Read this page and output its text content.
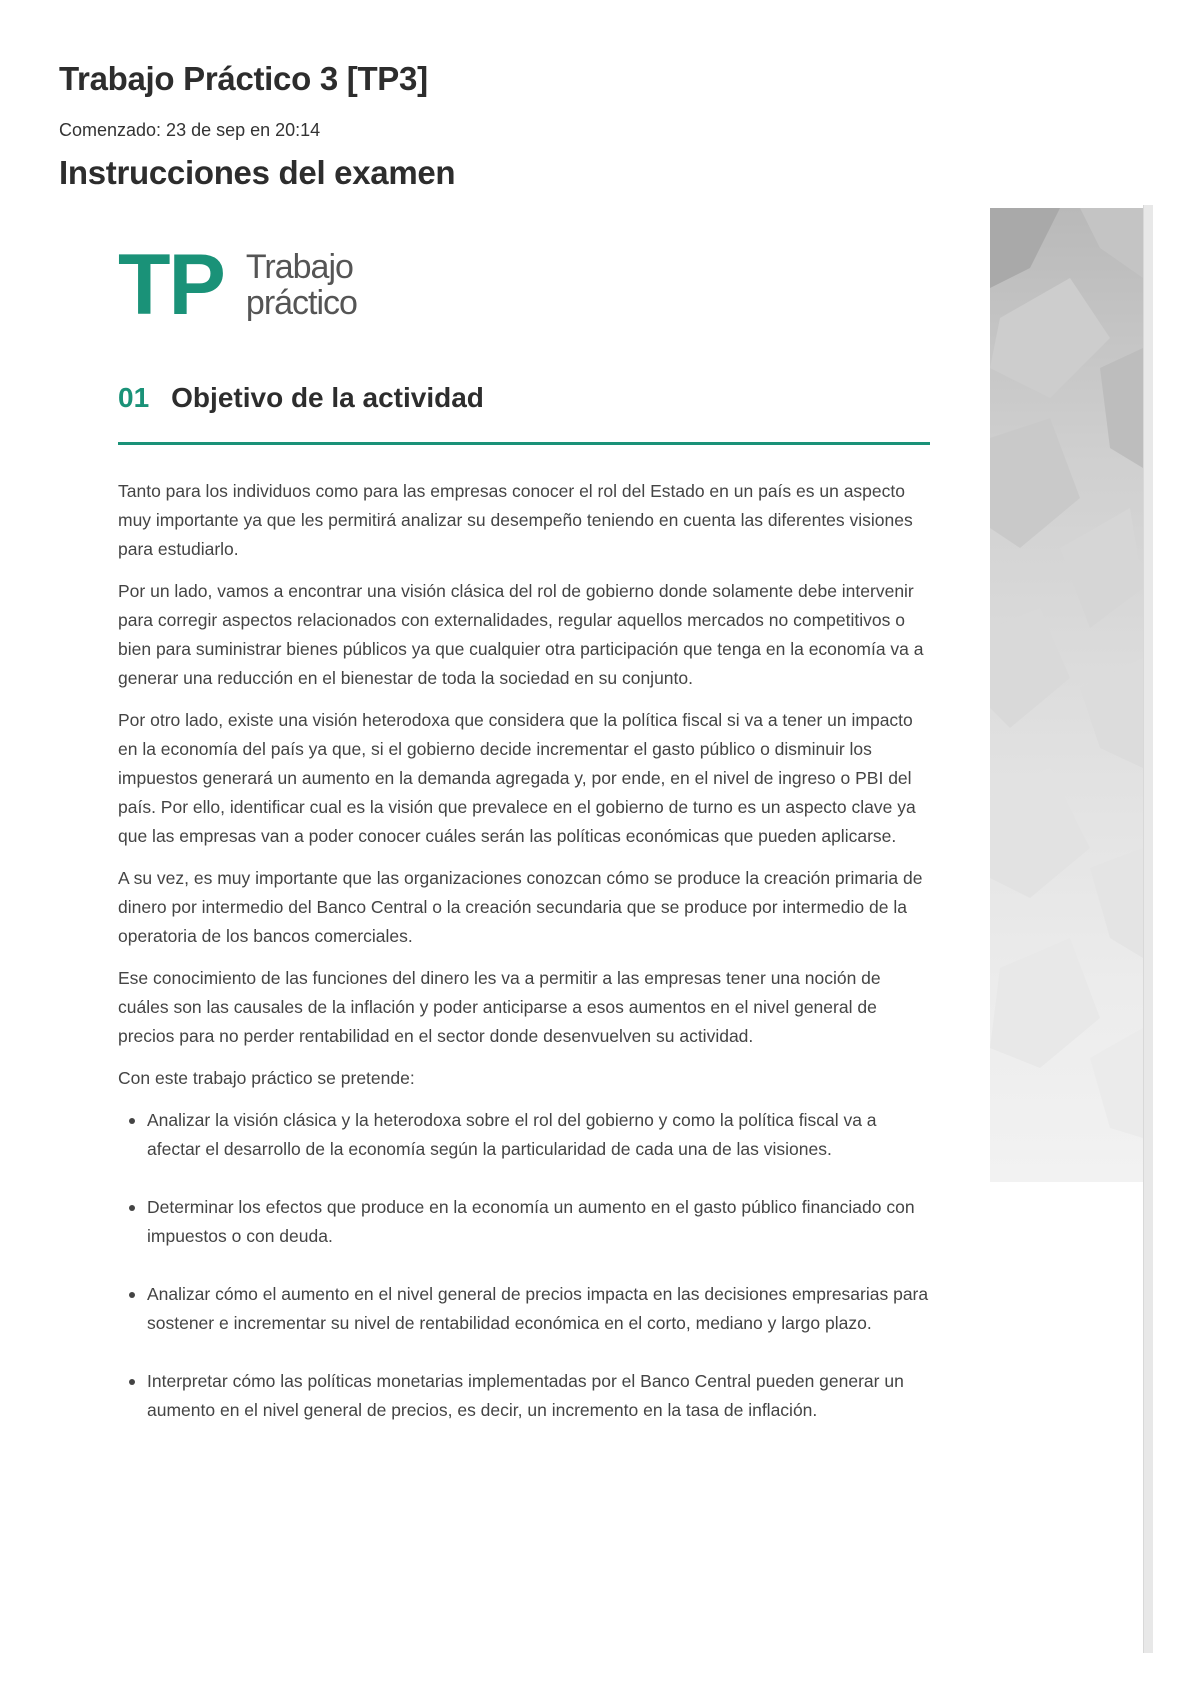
Trabajo Práctico 3 [TP3]
Comenzado: 23 de sep en 20:14
Instrucciones del examen
TP Trabajo
práctico
01 Objetivo de la actividad

Tanto para los individuos como para las empresas conocer el rol del Estado en un país es un aspecto muy importante ya que les permitirá analizar su desempeño teniendo en cuenta las diferentes visiones para estudiarlo.

Por un lado, vamos a encontrar una visión clásica del rol de gobierno donde solamente debe intervenir para corregir aspectos relacionados con externalidades, regular aquellos mercados no competitivos o bien para suministrar bienes públicos ya que cualquier otra participación que tenga en la economía va a generar una reducción en el bienestar de toda la sociedad en su conjunto.

Por otro lado, existe una visión heterodoxa que considera que la política fiscal si va a tener un impacto en la economía del país ya que, si el gobierno decide incrementar el gasto público o disminuir los impuestos generará un aumento en la demanda agregada y, por ende, en el nivel de ingreso o PBI del país. Por ello, identificar cual es la visión que prevalece en el gobierno de turno es un aspecto clave ya que las empresas van a poder conocer cuáles serán las políticas económicas que pueden aplicarse.

A su vez, es muy importante que las organizaciones conozcan cómo se produce la creación primaria de dinero por intermedio del Banco Central o la creación secundaria que se produce por intermedio de la operatoria de los bancos comerciales.

Ese conocimiento de las funciones del dinero les va a permitir a las empresas tener una noción de cuáles son las causales de la inflación y poder anticiparse a esos aumentos en el nivel general de precios para no perder rentabilidad en el sector donde desenvuelven su actividad.

Con este trabajo práctico se pretende:

Analizar la visión clásica y la heterodoxa sobre el rol del gobierno y como la política fiscal va a afectar el desarrollo de la economía según la particularidad de cada una de las visiones.
Determinar los efectos que produce en la economía un aumento en el gasto público financiado con impuestos o con deuda.
Analizar cómo el aumento en el nivel general de precios impacta en las decisiones empresarias para sostener e incrementar su nivel de rentabilidad económica en el corto, mediano y largo plazo.
Interpretar cómo las políticas monetarias implementadas por el Banco Central pueden generar un aumento en el nivel general de precios, es decir, un incremento en la tasa de inflación.
